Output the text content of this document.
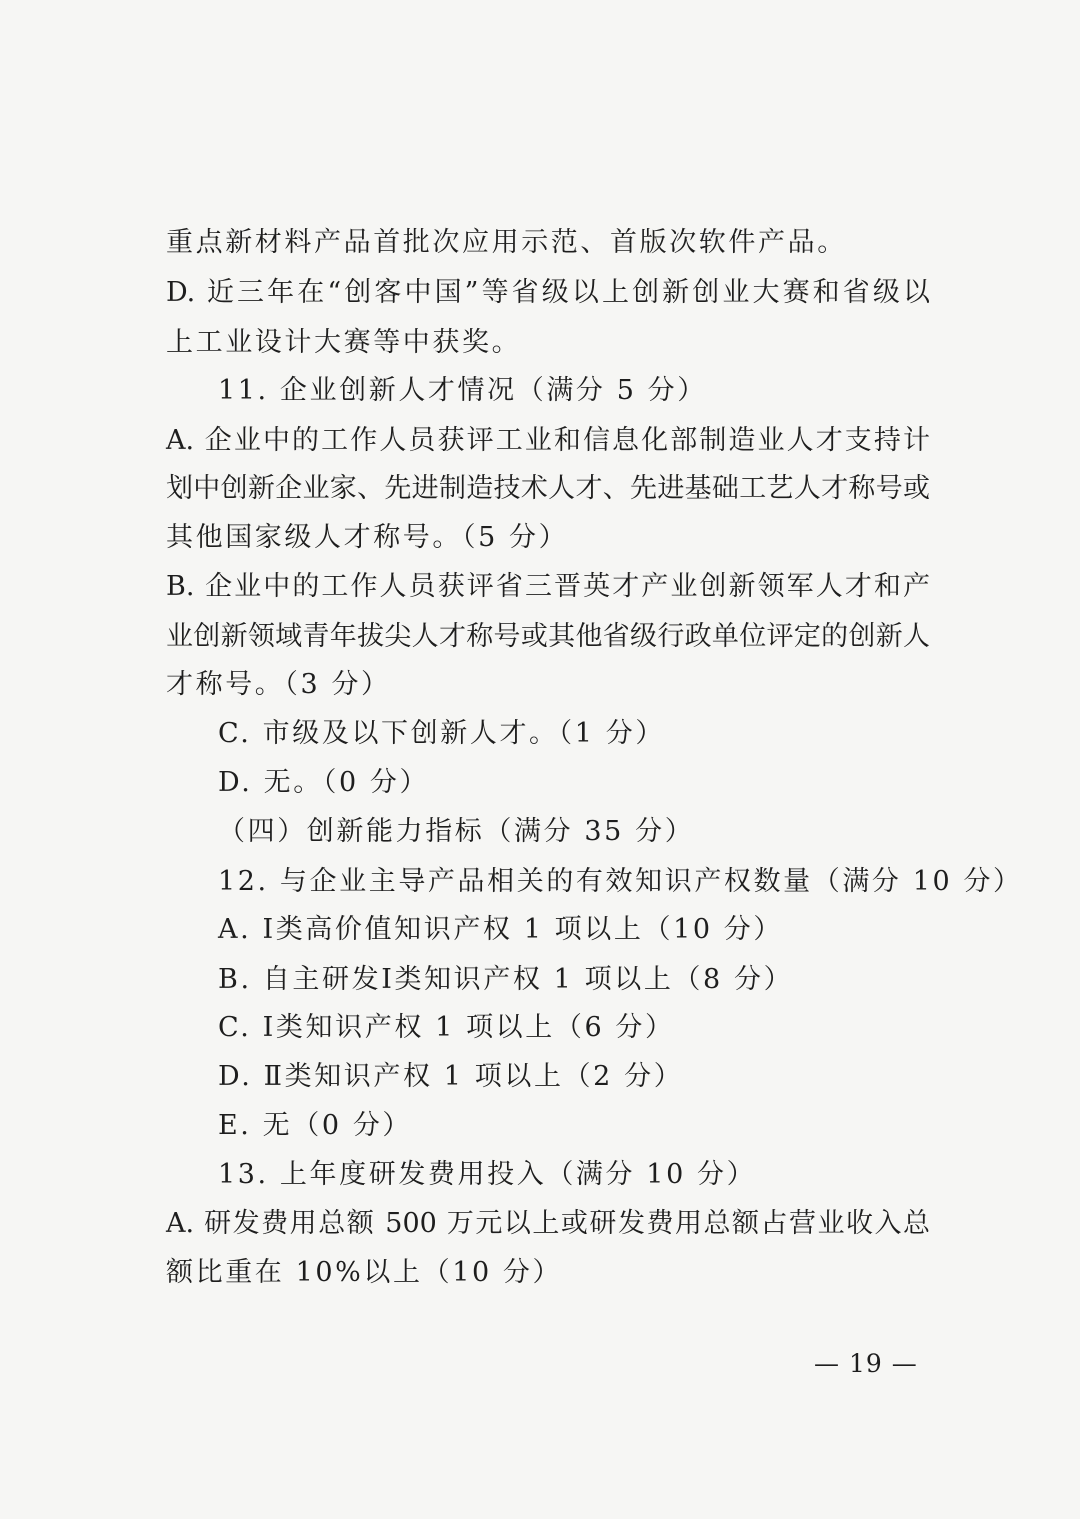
重点新材料产品首批次应用示范、首版次软件产品。
D. 近三年在“创客中国”等省级以上创新创业大赛和省级以
上工业设计大赛等中获奖。
11. 企业创新人才情况（满分 5 分）
A. 企业中的工作人员获评工业和信息化部制造业人才支持计
划中创新企业家、先进制造技术人才、先进基础工艺人才称号或
其他国家级人才称号。（5 分）
B. 企业中的工作人员获评省三晋英才产业创新领军人才和产
业创新领域青年拔尖人才称号或其他省级行政单位评定的创新人
才称号。（3 分）
C. 市级及以下创新人才。（1 分）
D. 无。（0 分）
（四）创新能力指标（满分 35 分）
12. 与企业主导产品相关的有效知识产权数量（满分 10 分）
A. Ⅰ类高价值知识产权 1 项以上（10 分）
B. 自主研发Ⅰ类知识产权 1 项以上（8 分）
C. Ⅰ类知识产权 1 项以上（6 分）
D. Ⅱ类知识产权 1 项以上（2 分）
E. 无（0 分）
13. 上年度研发费用投入（满分 10 分）
A. 研发费用总额 500 万元以上或研发费用总额占营业收入总
额比重在 10%以上（10 分）
— 19 —
